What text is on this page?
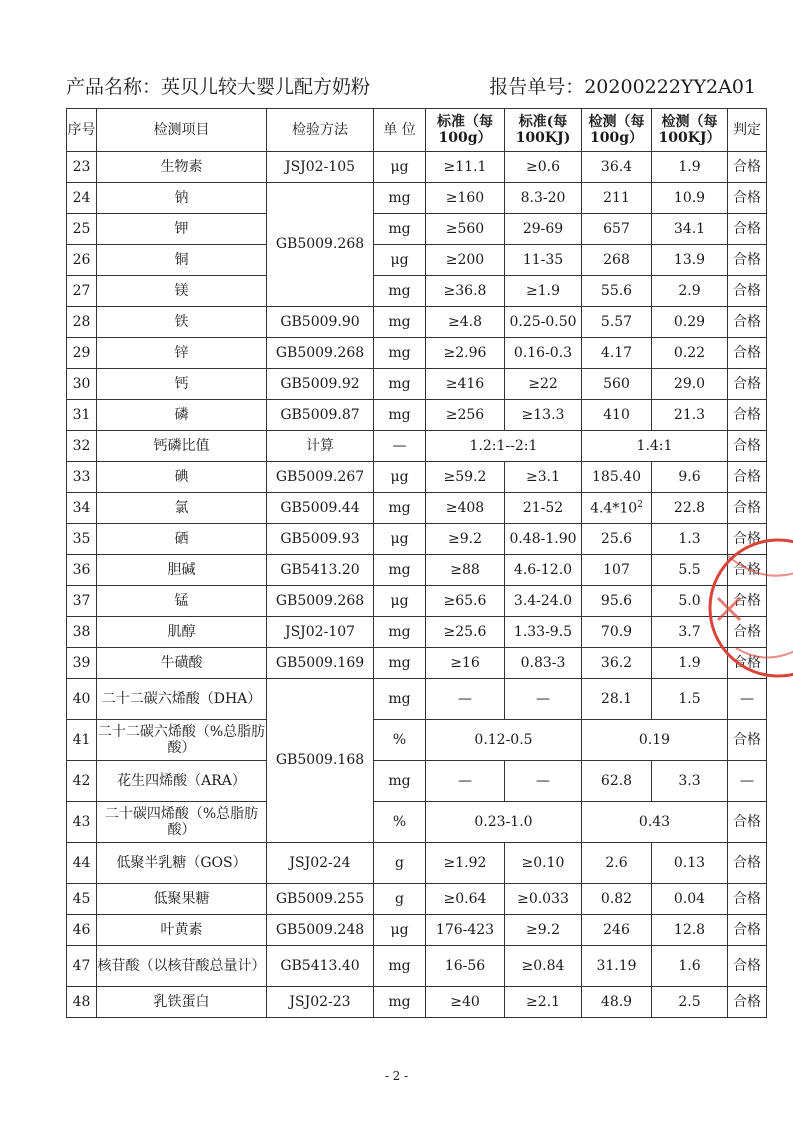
产品名称：英贝儿较大婴儿配方奶粉	报告单号：20200222YY2A01
序号	检测项目	检验方法	单 位	标准（每100g）	标准(每100KJ)	检测（每100g）	检测（每100KJ）	判定
23	生物素	JSJ02-105	μg	≥11.1	≥0.6	36.4	1.9	合格
24	钠	GB5009.268	mg	≥160	8.3-20	211	10.9	合格
25	钾		mg	≥560	29-69	657	34.1	合格
26	铜		μg	≥200	11-35	268	13.9	合格
27	镁		mg	≥36.8	≥1.9	55.6	2.9	合格
28	铁	GB5009.90	mg	≥4.8	0.25-0.50	5.57	0.29	合格
29	锌	GB5009.268	mg	≥2.96	0.16-0.3	4.17	0.22	合格
30	钙	GB5009.92	mg	≥416	≥22	560	29.0	合格
31	磷	GB5009.87	mg	≥256	≥13.3	410	21.3	合格
32	钙磷比值	计算	—	1.2:1--2:1		1.4:1		合格
33	碘	GB5009.267	μg	≥59.2	≥3.1	185.40	9.6	合格
34	氯	GB5009.44	mg	≥408	21-52	$4.4*10^2$	22.8	合格
35	硒	GB5009.93	μg	≥9.2	0.48-1.90	25.6	1.3	合格
36	胆碱	GB5413.20	mg	≥88	4.6-12.0	107	5.5	合格
37	锰	GB5009.268	μg	≥65.6	3.4-24.0	95.6	5.0	合格
38	肌醇	JSJ02-107	mg	≥25.6	1.33-9.5	70.9	3.7	合格
39	牛磺酸	GB5009.169	mg	≥16	0.83-3	36.2	1.9	合格
40	二十二碳六烯酸（DHA）	GB5009.168	mg	—	—	28.1	1.5	—
41	二十二碳六烯酸（%总脂肪酸）		%	0.12-0.5		0.19		合格
42	花生四烯酸（ARA）		mg	—	—	62.8	3.3	—
43	二十碳四烯酸（%总脂肪酸）		%	0.23-1.0		0.43		合格
44	低聚半乳糖（GOS）	JSJ02-24	g	≥1.92	≥0.10	2.6	0.13	合格
45	低聚果糖	GB5009.255	g	≥0.64	≥0.033	0.82	0.04	合格
46	叶黄素	GB5009.248	μg	176-423	≥9.2	246	12.8	合格
47	核苷酸（以核苷酸总量计）	GB5413.40	mg	16-56	≥0.84	31.19	1.6	合格
48	乳铁蛋白	JSJ02-23	mg	≥40	≥2.1	48.9	2.5	合格
- 2 -
